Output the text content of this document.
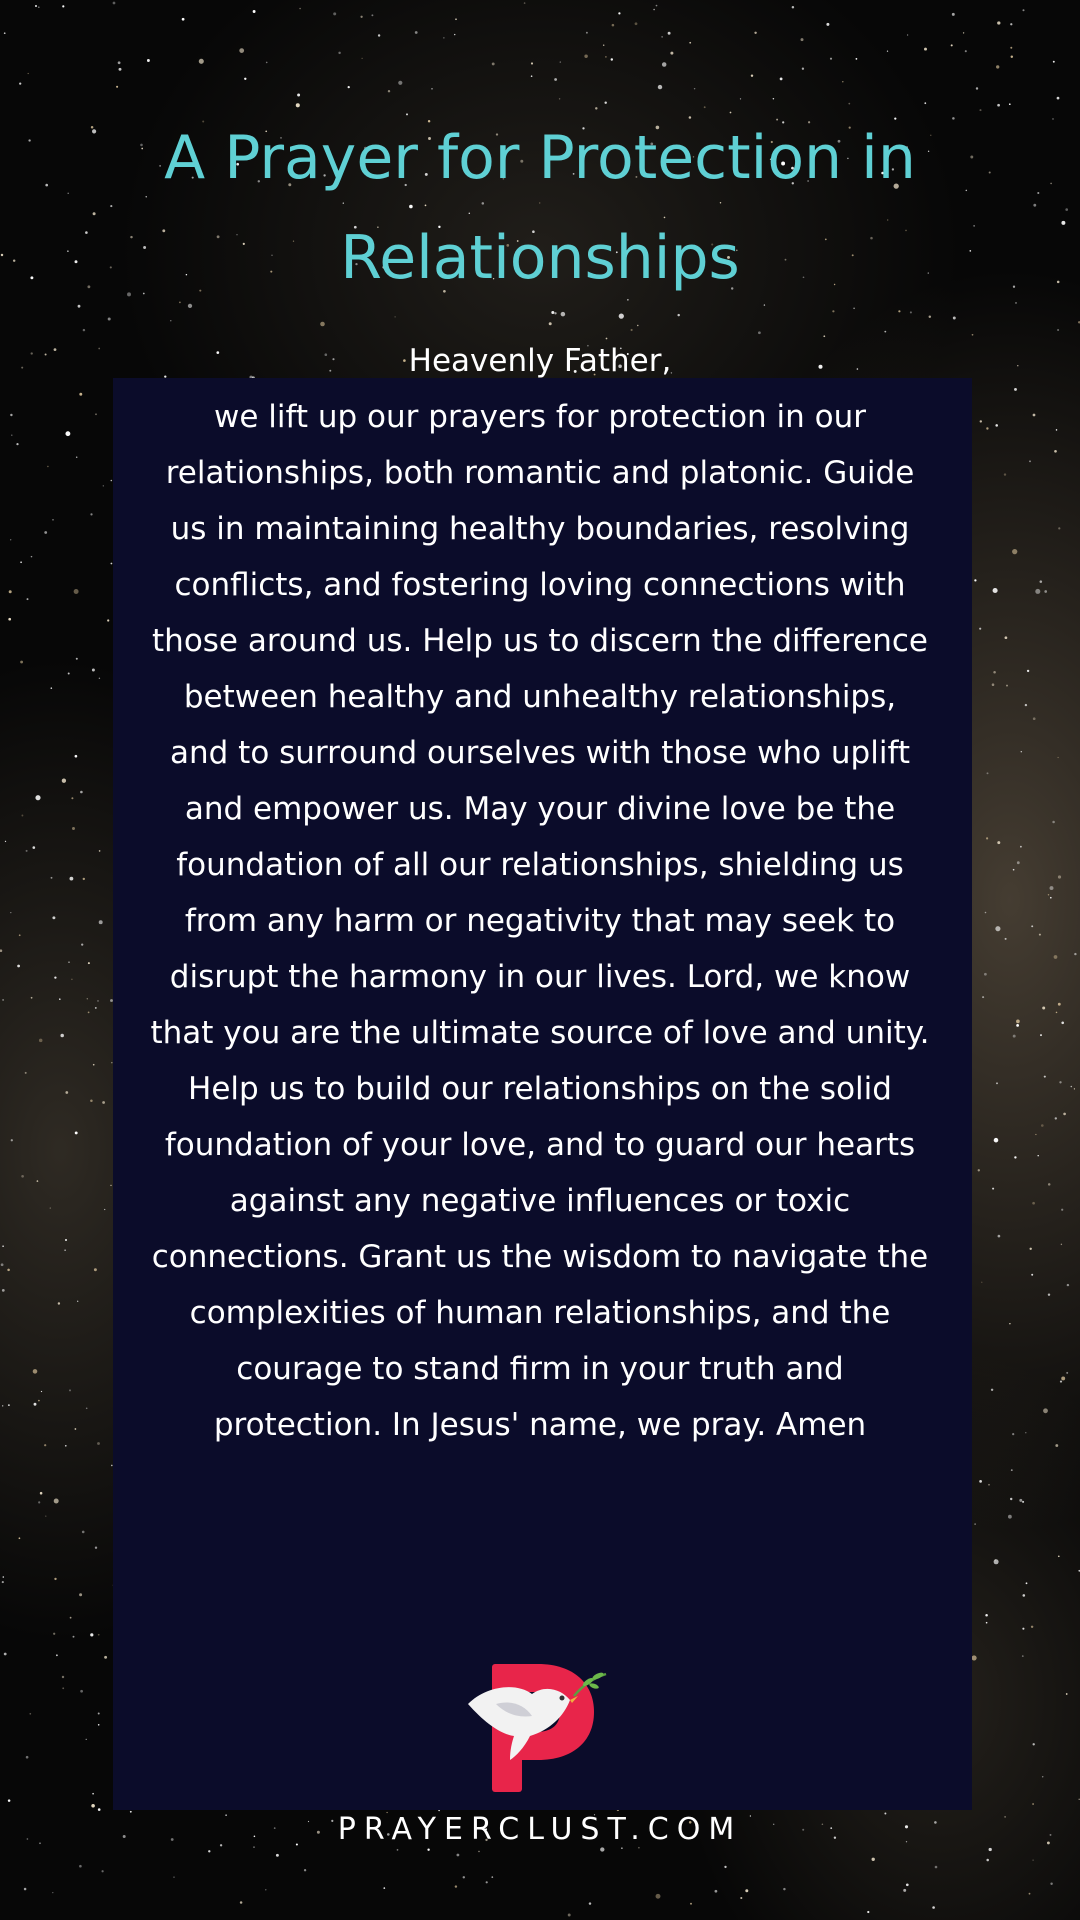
A Prayer for Protection in Relationships

Heavenly Father,

we lift up our prayers for protection in our relationships, both romantic and platonic. Guide us in maintaining healthy boundaries, resolving conflicts, and fostering loving connections with those around us. Help us to discern the difference between healthy and unhealthy relationships, and to surround ourselves with those who uplift and empower us. May your divine love be the foundation of all our relationships, shielding us from any harm or negativity that may seek to disrupt the harmony in our lives. Lord, we know that you are the ultimate source of love and unity. Help us to build our relationships on the solid foundation of your love, and to guard our hearts against any negative influences or toxic connections. Grant us the wisdom to navigate the complexities of human relationships, and the courage to stand firm in your truth and protection. In Jesus' name, we pray. Amen

PRAYERCLUST.COM
